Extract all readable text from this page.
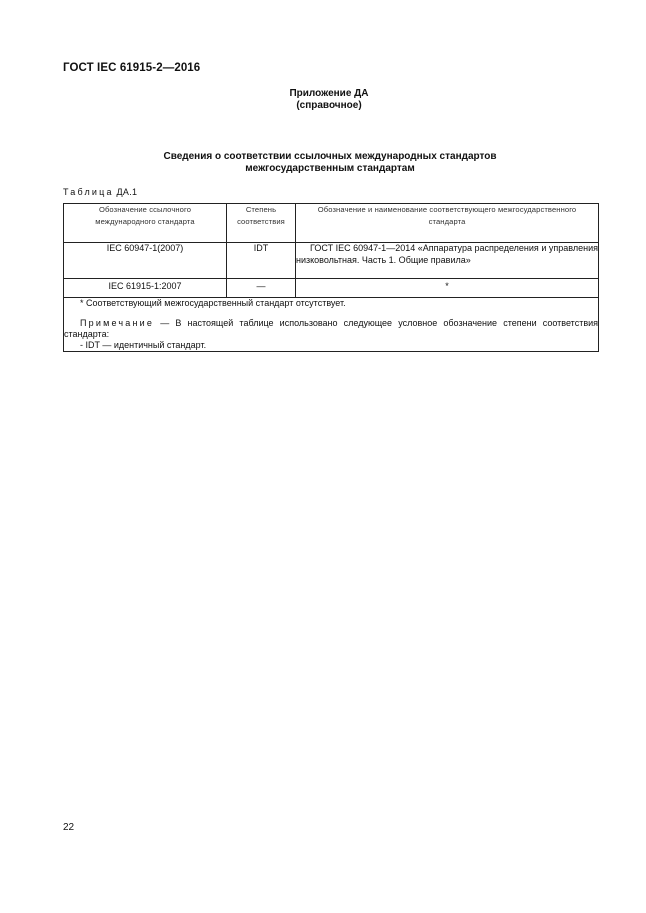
ГОСТ IEC 61915-2—2016
Приложение ДА
(справочное)
Сведения о соответствии ссылочных международных стандартов
межгосударственным стандартам
Таблица ДА.1
Обозначение ссылочного международного стандарта	Степень соответствия	Обозначение и наименование соответствующего межгосударственного стандарта
IEC 60947-1(2007)	IDT	ГОСТ IEC 60947-1—2014 «Аппаратура распределения и управления низковольтная. Часть 1. Общие правила»
IEC 61915-1:2007	—	*

* Соответствующий межгосударственный стандарт отсутствует.
Примечание — В настоящей таблице использовано следующее условное обозначение степени соответствия стандарта:
- IDT — идентичный стандарт.		
22
